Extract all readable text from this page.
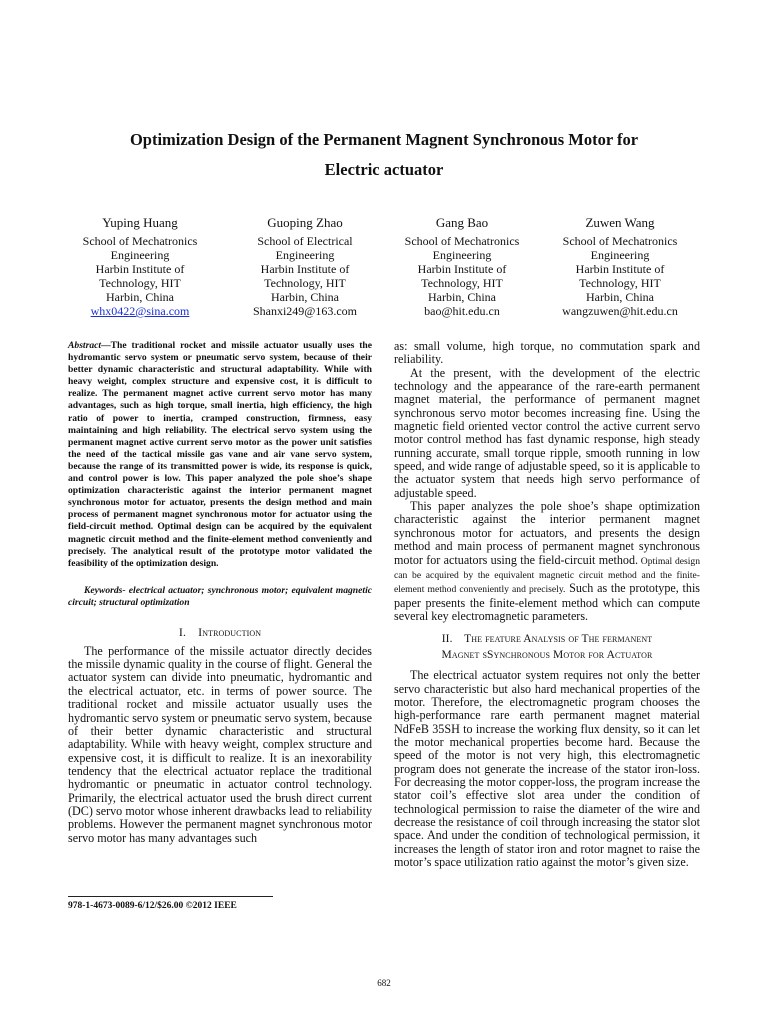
Optimization Design of the Permanent Magnent Synchronous Motor for
Electric actuator
Yuping Huang
School of Mechatronics
Engineering
Harbin Institute of
Technology, HIT
Harbin, China
whx0422@sina.com
Guoping Zhao
School of Electrical
Engineering
Harbin Institute of
Technology, HIT
Harbin, China
Shanxi249@163.com
Gang Bao
School of Mechatronics
Engineering
Harbin Institute of
Technology, HIT
Harbin, China
bao@hit.edu.cn
Zuwen Wang
School of Mechatronics
Engineering
Harbin Institute of
Technology, HIT
Harbin, China
wangzuwen@hit.edu.cn

Abstract—The traditional rocket and missile actuator usually uses the hydromantic servo system or pneumatic servo system, because of their better dynamic characteristic and structural adaptability. While with heavy weight, complex structure and expensive cost, it is difficult to realize. The permanent magnet active current servo motor has many advantages, such as high torque, small inertia, high efficiency, the high ratio of power to inertia, cramped construction, firmness, easy maintaining and high reliability. The electrical servo system using the permanent magnet active current servo motor as the power unit satisfies the need of the tactical missile gas vane and air vane servo system, because the range of its transmitted power is wide, its response is quick, and control power is low. This paper analyzed the pole shoe’s shape optimization characteristic against the interior permanent magnet synchronous motor for actuator, presents the design method and main process of permanent magnet synchronous motor for actuator using the field-circuit method. Optimal design can be acquired by the equivalent magnetic circuit method and the finite-element method conveniently and precisely. The analytical result of the prototype motor validated the feasibility of the optimization design.

Keywords- electrical actuator; synchronous motor; equivalent magnetic circuit; structural optimization

I. Introduction

The performance of the missile actuator directly decides the missile dynamic quality in the course of flight. General the actuator system can divide into pneumatic, hydromantic and the electrical actuator, etc. in terms of power source. The traditional rocket and missile actuator usually uses the hydromantic servo system or pneumatic servo system, because of their better dynamic characteristic and structural adaptability. While with heavy weight, complex structure and expensive cost, it is difficult to realize. It is an inexorability tendency that the electrical actuator replace the traditional hydromantic or pneumatic in actuator control technology. Primarily, the electrical actuator used the brush direct current (DC) servo motor whose inherent drawbacks lead to reliability problems. However the permanent magnet synchronous motor servo motor has many advantages such

as: small volume, high torque, no commutation spark and reliability.

At the present, with the development of the electric technology and the appearance of the rare-earth permanent magnet material, the performance of permanent magnet synchronous servo motor becomes increasing fine. Using the magnetic field oriented vector control the active current servo motor control method has fast dynamic response, high steady running accurate, small torque ripple, smooth running in low speed, and wide range of adjustable speed, so it is applicable to the actuator system that needs high servo performance of adjustable speed.

This paper analyzes the pole shoe’s shape optimization characteristic against the interior permanent magnet synchronous motor for actuators, and presents the design method and main process of permanent magnet synchronous motor for actuators using the field-circuit method. Optimal design can be acquired by the equivalent magnetic circuit method and the finite-element method conveniently and precisely. Such as the prototype, this paper presents the finite-element method which can compute several key electromagnetic parameters.

II. The feature Analysis of The fermanent
Magnet sSynchronous Motor for Actuator

The electrical actuator system requires not only the better servo characteristic but also hard mechanical properties of the motor. Therefore, the electromagnetic program chooses the high-performance rare earth permanent magnet material NdFeB 35SH to increase the working flux density, so it can let the motor mechanical properties become hard. Because the speed of the motor is not very high, this electromagnetic program does not generate the increase of the stator iron-loss. For decreasing the motor copper-loss, the program increase the stator coil’s effective slot area under the condition of technological permission to raise the diameter of the wire and decrease the resistance of coil through increasing the stator slot space. And under the condition of technological permission, it increases the length of stator iron and rotor magnet to raise the motor’s space utilization ratio against the motor’s given size.

978-1-4673-0089-6/12/$26.00 ©2012 IEEE
682
